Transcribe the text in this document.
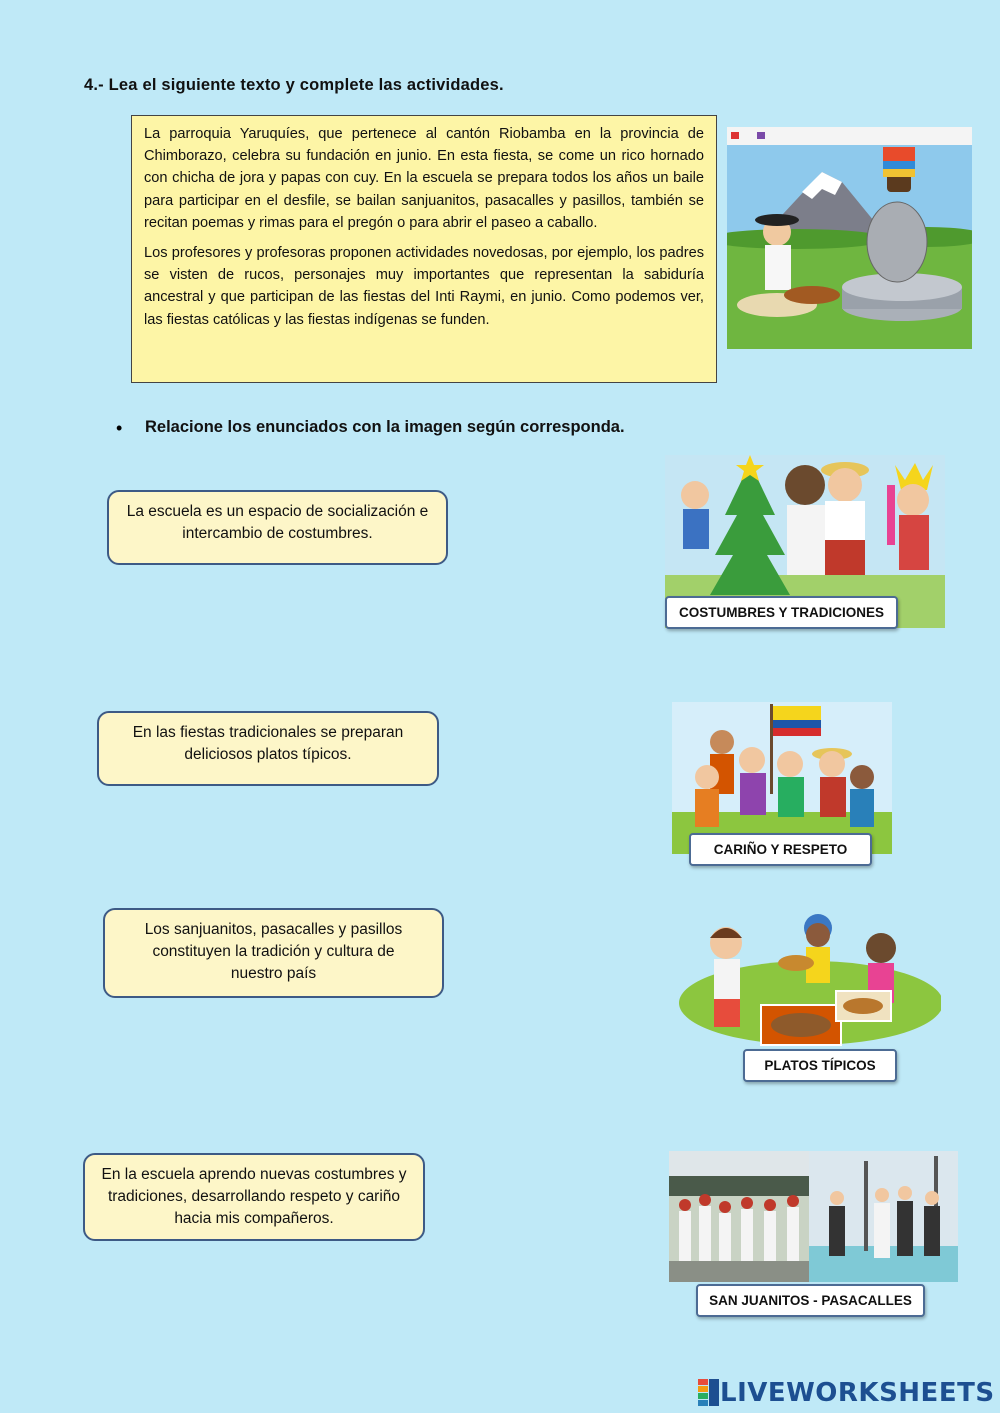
4.- Lea el siguiente texto y complete las actividades.

La parroquia Yaruquíes, que pertenece al cantón Riobamba en la provincia de Chimborazo, celebra su fundación en junio. En esta fiesta, se come un rico hornado con chicha de jora y papas con cuy. En la escuela se prepara todos los años un baile para participar en el desfile, se bailan sanjuanitos, pasacalles y pasillos, también se recitan poemas y rimas para el pregón o para abrir el paseo a caballo.

Los profesores y profesoras proponen actividades novedosas, por ejemplo, los padres se visten de rucos, personajes muy importantes que representan la sabiduría ancestral y que participan de las fiestas del Inti Raymi, en junio. Como podemos ver, las fiestas católicas y las fiestas indígenas se funden.

• Relacione los enunciados con la imagen según corresponda.
La escuela es un espacio de socialización e intercambio de costumbres.
En las fiestas tradicionales se preparan deliciosos platos típicos.
Los sanjuanitos, pasacalles y pasillos constituyen la tradición y cultura de nuestro país
En la escuela aprendo nuevas costumbres y tradiciones, desarrollando respeto y cariño hacia mis compañeros.
COSTUMBRES Y TRADICIONES
CARIÑO Y RESPETO
PLATOS TÍPICOS
SAN JUANITOS - PASACALLES
LIVEWORKSHEETS
